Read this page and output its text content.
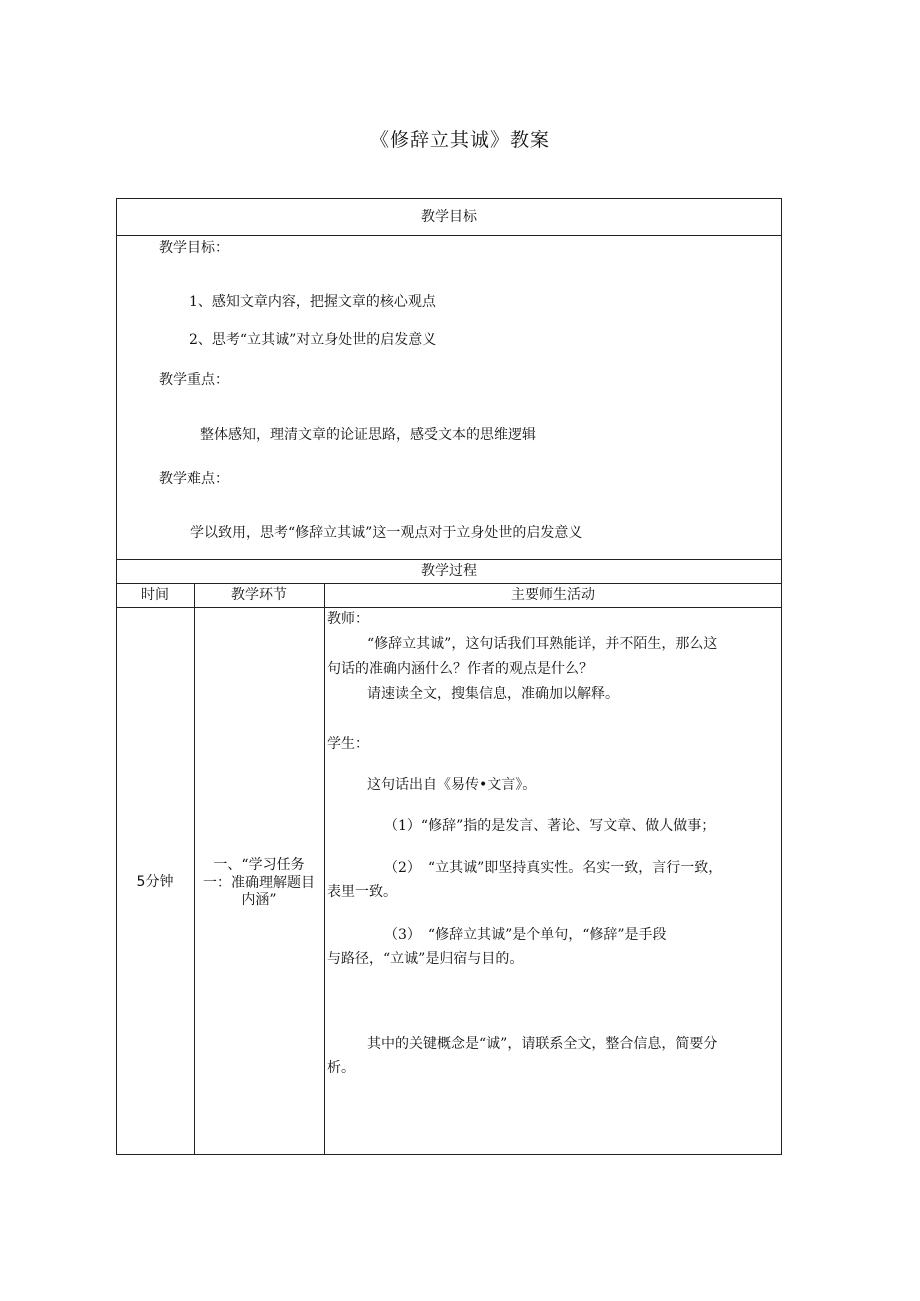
《修辞立其诚》教案
教学目标
教学目标：
1、感知文章内容，把握文章的核心观点
2、思考“立其诚”对立身处世的启发意义
教学重点：
整体感知，理清文章的论证思路，感受文本的思维逻辑
教学难点：
学以致用，思考“修辞立其诚”这一观点对于立身处世的启发意义
教学过程
时间	教学环节	主要师生活动
5分钟
一、“学习任务
一：准确理解题目
内涵”
教师：
“修辞立其诚”，这句话我们耳熟能详，并不陌生，那么这
句话的准确内涵什么？作者的观点是什么？
请速读全文，搜集信息，准确加以解释。
学生：
这句话出自《易传•文言》。
（1）“修辞”指的是发言、著论、写文章、做人做事；
（2）　“立其诚”即坚持真实性。名实一致，言行一致，
表里一致。
（3）　“修辞立其诚”是个单句，“修辞”是手段
与路径，“立诚”是归宿与目的。
其中的关键概念是“诚”，请联系全文，整合信息，简要分
析。
